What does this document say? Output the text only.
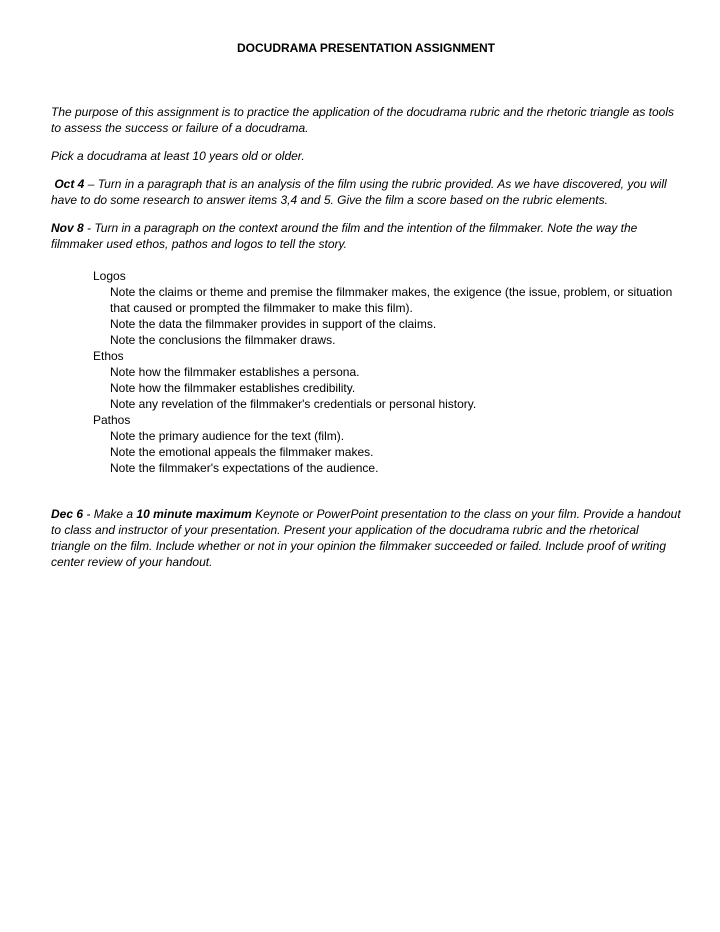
DOCUDRAMA PRESENTATION ASSIGNMENT

The purpose of this assignment is to practice the application of the docudrama rubric and the rhetoric triangle as tools to assess the success or failure of a docudrama.

Pick a docudrama at least 10 years old or older.

Oct 4 – Turn in a paragraph that is an analysis of the film using the rubric provided. As we have discovered, you will have to do some research to answer items 3,4 and 5. Give the film a score based on the rubric elements.

Nov 8 - Turn in a paragraph on the context around the film and the intention of the filmmaker. Note the way the filmmaker used ethos, pathos and logos to tell the story.

Logos
Note the claims or theme and premise the filmmaker makes, the exigence (the issue, problem, or situation that caused or prompted the filmmaker to make this film).
Note the data the filmmaker provides in support of the claims.
Note the conclusions the filmmaker draws.
Ethos
Note how the filmmaker establishes a persona.
Note how the filmmaker establishes credibility.
Note any revelation of the filmmaker's credentials or personal history.
Pathos
Note the primary audience for the text (film).
Note the emotional appeals the filmmaker makes.
Note the filmmaker's expectations of the audience.

Dec 6 - Make a 10 minute maximum Keynote or PowerPoint presentation to the class on your film. Provide a handout to class and instructor of your presentation. Present your application of the docudrama rubric and the rhetorical triangle on the film. Include whether or not in your opinion the filmmaker succeeded or failed. Include proof of writing center review of your handout.
